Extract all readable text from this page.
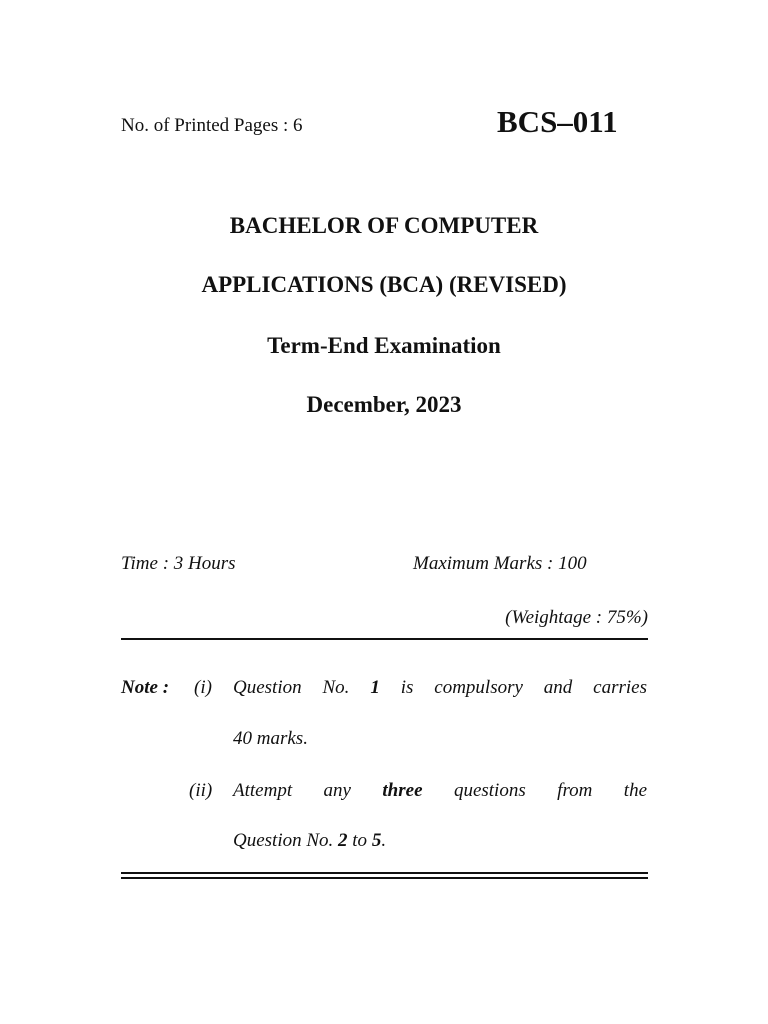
No. of Printed Pages : 6	BCS–011
BACHELOR OF COMPUTER
APPLICATIONS (BCA) (REVISED)
Term-End Examination
December, 2023
Time : 3 Hours	Maximum Marks : 100
(Weightage : 75%)
Note : (i) Question No. 1 is compulsory and carries
40 marks.
(ii) Attempt any three questions from the
Question No. 2 to 5.
